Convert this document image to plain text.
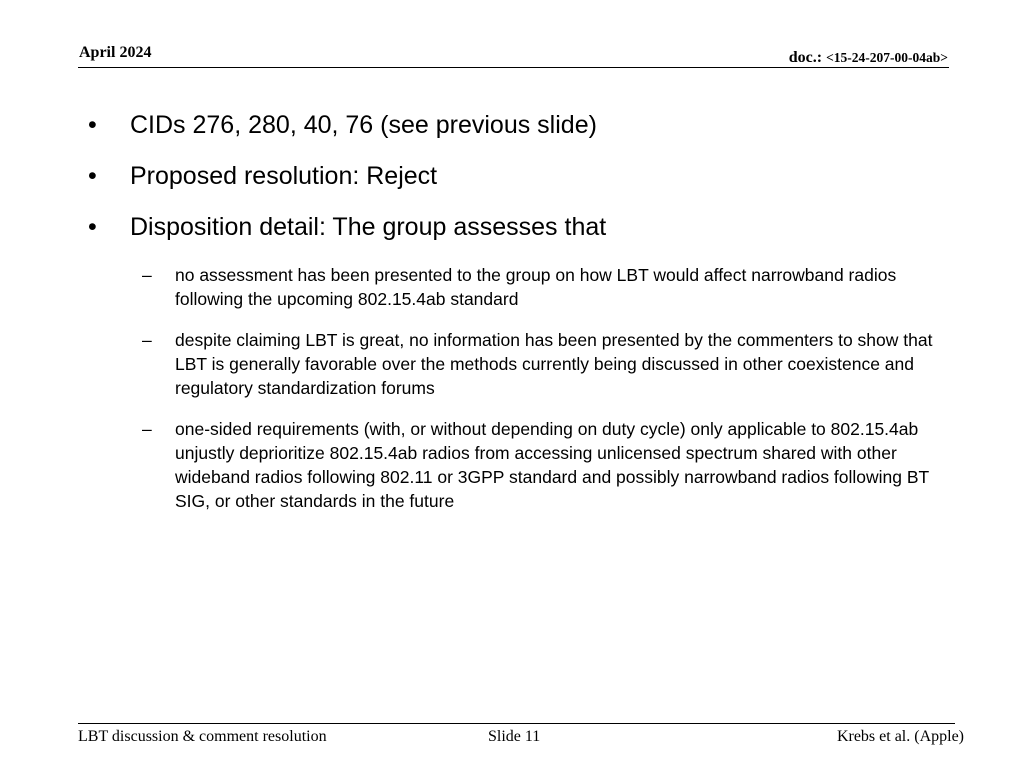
April 2024	doc.: <15-24-207-00-04ab>
• CIDs 276, 280, 40, 76 (see previous slide)
• Proposed resolution: Reject
• Disposition detail: The group assesses that
– no assessment has been presented to the group on how LBT would affect narrowband radios following the upcoming 802.15.4ab standard
– despite claiming LBT is great, no information has been presented by the commenters to show that LBT is generally favorable over the methods currently being discussed in other coexistence and regulatory standardization forums
– one-sided requirements (with, or without depending on duty cycle) only applicable to 802.15.4ab unjustly deprioritize 802.15.4ab radios from accessing unlicensed spectrum shared with other wideband radios following 802.11 or 3GPP standard and possibly narrowband radios following BT SIG, or other standards in the future
LBT discussion & comment resolution	Slide 11	Krebs et al. (Apple)
